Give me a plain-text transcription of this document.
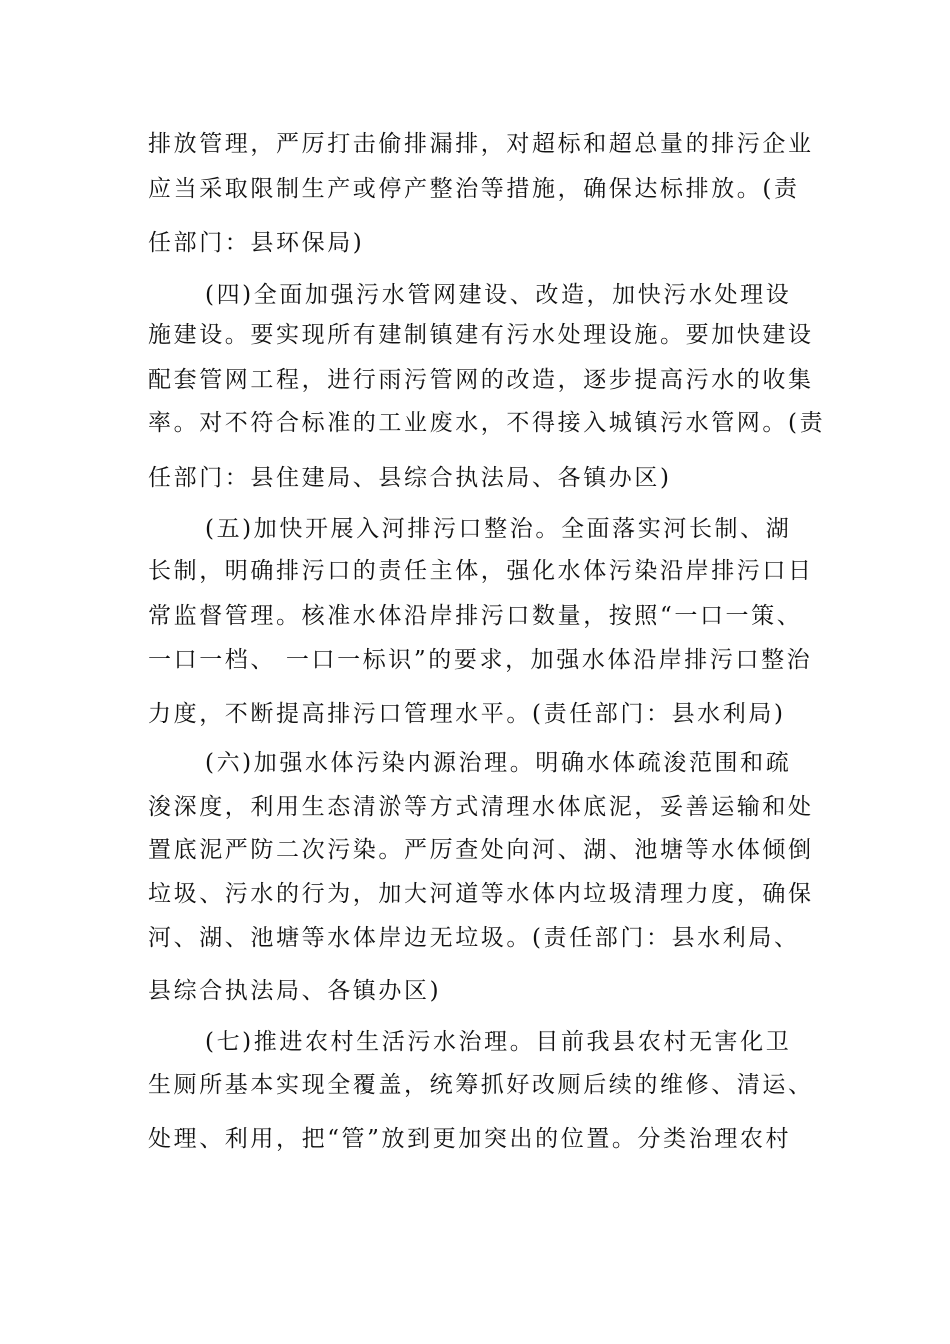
排放管理，严厉打击偷排漏排，对超标和超总量的排污企业
应当采取限制生产或停产整治等措施，确保达标排放。(责
任部门：县环保局)
(四)全面加强污水管网建设、改造，加快污水处理设
施建设。要实现所有建制镇建有污水处理设施。要加快建设
配套管网工程，进行雨污管网的改造，逐步提高污水的收集
率。对不符合标准的工业废水，不得接入城镇污水管网。(责
任部门：县住建局、县综合执法局、各镇办区)
(五)加快开展入河排污口整治。全面落实河长制、湖
长制，明确排污口的责任主体，强化水体污染沿岸排污口日
常监督管理。核准水体沿岸排污口数量，按照“一口一策、
一口一档、 一口一标识”的要求，加强水体沿岸排污口整治
力度，不断提高排污口管理水平。(责任部门：县水利局)
(六)加强水体污染内源治理。明确水体疏浚范围和疏
浚深度，利用生态清淤等方式清理水体底泥，妥善运输和处
置底泥严防二次污染。严厉查处向河、湖、池塘等水体倾倒
垃圾、污水的行为，加大河道等水体内垃圾清理力度，确保
河、湖、池塘等水体岸边无垃圾。(责任部门：县水利局、
县综合执法局、各镇办区)
(七)推进农村生活污水治理。目前我县农村无害化卫
生厕所基本实现全覆盖，统筹抓好改厕后续的维修、清运、
处理、利用，把“管”放到更加突出的位置。分类治理农村
